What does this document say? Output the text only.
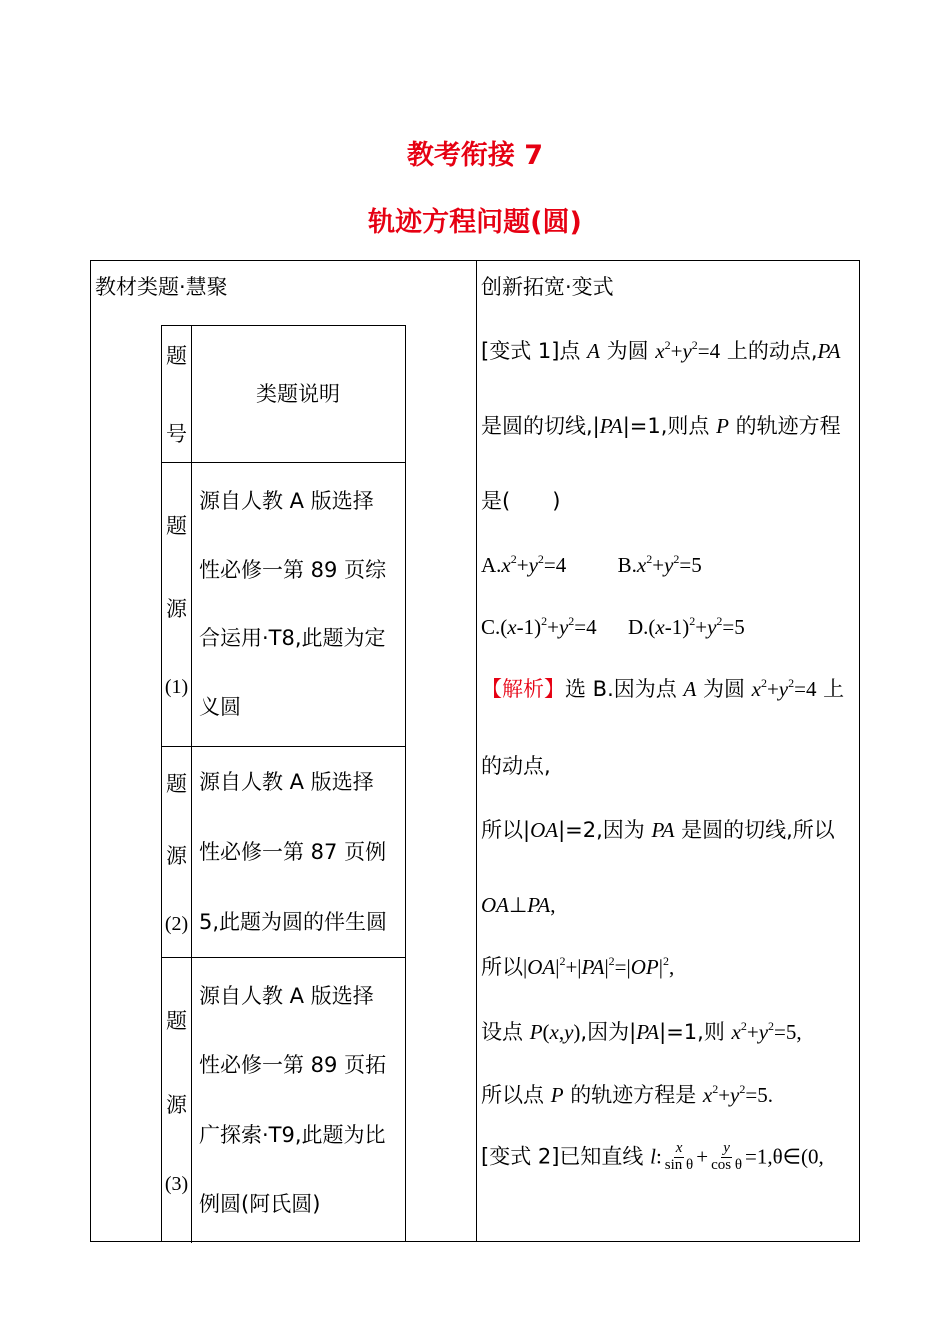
教考衔接 7
轨迹方程问题(圆)
教材类题·慧聚
题
号
类题说明
题
源
(1)
源自人教 A 版选择
性必修一第 89 页综
合运用·T8,此题为定
义圆
题
源
(2)
源自人教 A 版选择
性必修一第 87 页例
5,此题为圆的伴生圆
题
源
(3)
源自人教 A 版选择
性必修一第 89 页拓
广探索·T9,此题为比
例圆(阿氏圆)
创新拓宽·变式
[变式 1]点 A 为圆 $x^2+y^2=4$ 上的动点,PA
是圆的切线,|PA|=1,则点 P 的轨迹方程
是(　　)
$A.x^2+y^2=4$ $B.x^2+y^2=5$
$C.(x-1)^2+y^2=4$ $D.(x-1)^2+y^2=5$
【解析】选 B.因为点 A 为圆 $x^2+y^2=4$ 上
的动点,
所以|OA|=2,因为 PA 是圆的切线,所以
OA⊥PA,
所以$|OA|^2+|PA|^2=|OP|^2$,
设点 P(x,y),因为|PA|=1,则 $x^2+y^2=5$,
所以点 P 的轨迹方程是 $x^2+y^2=5$.
[变式 2]已知直线 l: $\frac{x}{\text{sin θ}} + \frac{y}{\text{cos θ}}$ =1,θ∈(0,
